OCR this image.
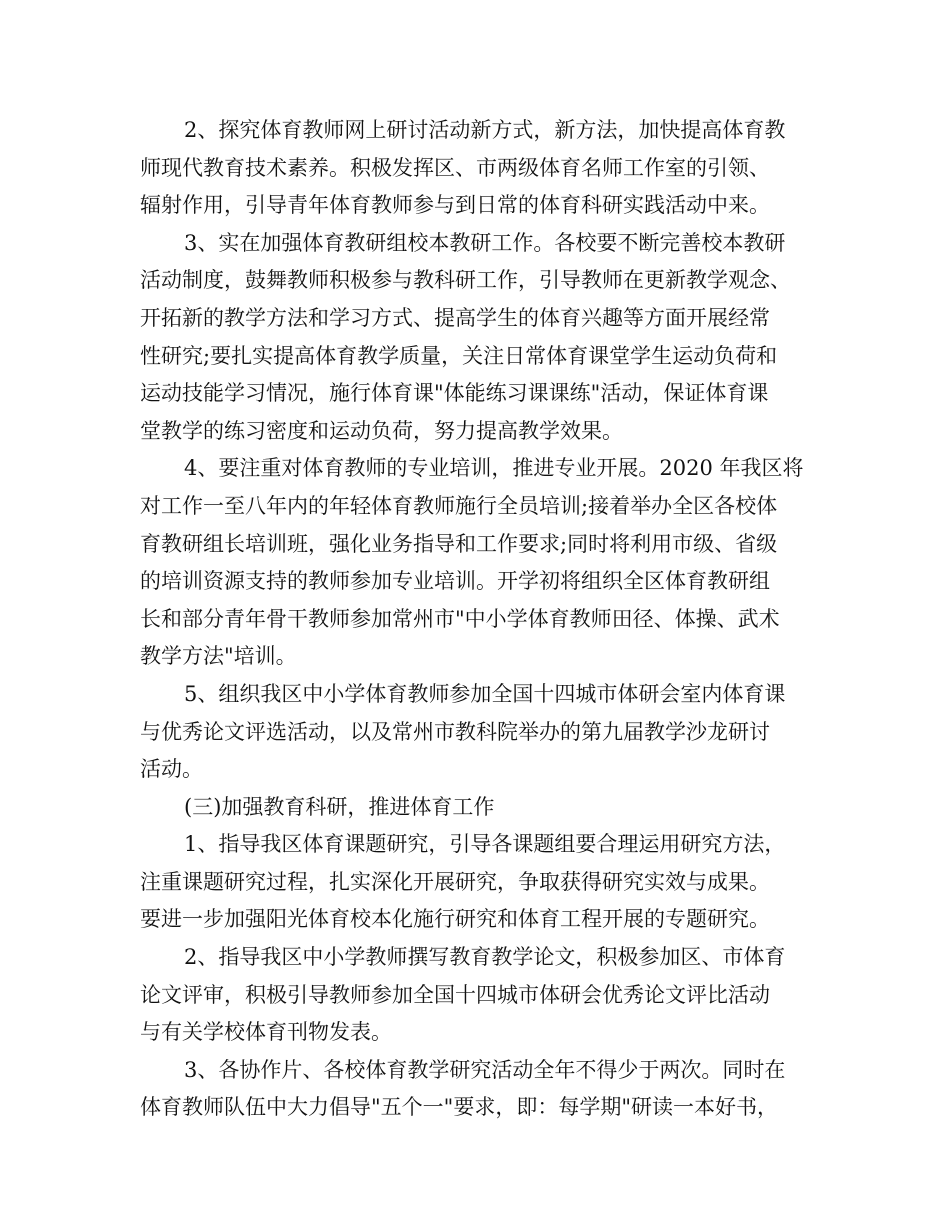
2、探究体育教师网上研讨活动新方式，新方法，加快提高体育教
师现代教育技术素养。积极发挥区、市两级体育名师工作室的引领、
辐射作用，引导青年体育教师参与到日常的体育科研实践活动中来。
3、实在加强体育教研组校本教研工作。各校要不断完善校本教研
活动制度，鼓舞教师积极参与教科研工作，引导教师在更新教学观念、
开拓新的教学方法和学习方式、提高学生的体育兴趣等方面开展经常
性研究;要扎实提高体育教学质量，关注日常体育课堂学生运动负荷和
运动技能学习情况，施行体育课"体能练习课课练"活动，保证体育课
堂教学的练习密度和运动负荷，努力提高教学效果。
4、要注重对体育教师的专业培训，推进专业开展。2020 年我区将
对工作一至八年内的年轻体育教师施行全员培训;接着举办全区各校体
育教研组长培训班，强化业务指导和工作要求;同时将利用市级、省级
的培训资源支持的教师参加专业培训。开学初将组织全区体育教研组
长和部分青年骨干教师参加常州市"中小学体育教师田径、体操、武术
教学方法"培训。
5、组织我区中小学体育教师参加全国十四城市体研会室内体育课
与优秀论文评选活动，以及常州市教科院举办的第九届教学沙龙研讨
活动。
(三)加强教育科研，推进体育工作
1、指导我区体育课题研究，引导各课题组要合理运用研究方法，
注重课题研究过程，扎实深化开展研究，争取获得研究实效与成果。
要进一步加强阳光体育校本化施行研究和体育工程开展的专题研究。
2、指导我区中小学教师撰写教育教学论文，积极参加区、市体育
论文评审，积极引导教师参加全国十四城市体研会优秀论文评比活动
与有关学校体育刊物发表。
3、各协作片、各校体育教学研究活动全年不得少于两次。同时在
体育教师队伍中大力倡导"五个一"要求，即：每学期"研读一本好书，
